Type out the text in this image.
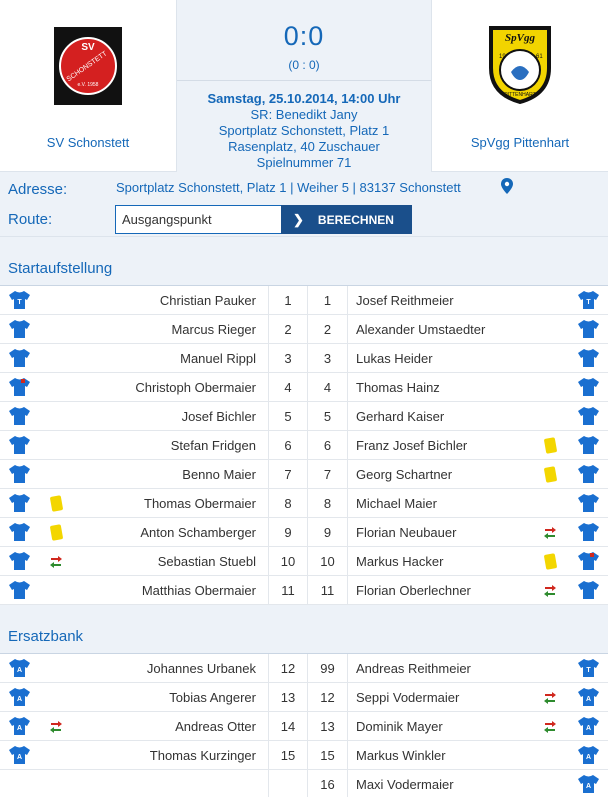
SV
SCHONSTETT
e.V. 1958
SV Schonstett
0:0
(0 : 0)
Samstag, 25.10.2014, 14:00 Uhr
SR: Benedikt Jany
Sportplatz Schonstett, Platz 1
Rasenplatz, 40 Zuschauer
Spielnummer 71
SpVgg
19	61
PITTENHART
SpVgg Pittenhart
Adresse:	Sportplatz Schonstett, Platz 1 | Weiher 5 | 83137 Schonstett
Route:
Ausgangspunkt	❯ BERECHNEN
Startaufstellung
T	Christian Pauker	1	1	Josef Reithmeier	T
Marcus Rieger	2	2	Alexander Umstaedter
Manuel Rippl	3	3	Lukas Heider
Christoph Obermaier	4	4	Thomas Hainz
Josef Bichler	5	5	Gerhard Kaiser
Stefan Fridgen	6	6	Franz Josef Bichler
Benno Maier	7	7	Georg Schartner
Thomas Obermaier	8	8	Michael Maier
Anton Schamberger	9	9	Florian Neubauer
Sebastian Stuebl	10	10	Markus Hacker
Matthias Obermaier	11	11	Florian Oberlechner
Ersatzbank
A	Johannes Urbanek	12	99	Andreas Reithmeier	T
A	Tobias Angerer	13	12	Seppi Vodermaier	A
A	Andreas Otter	14	13	Dominik Mayer	A
A	Thomas Kurzinger	15	15	Markus Winkler	A
16	Maxi Vodermaier	A
